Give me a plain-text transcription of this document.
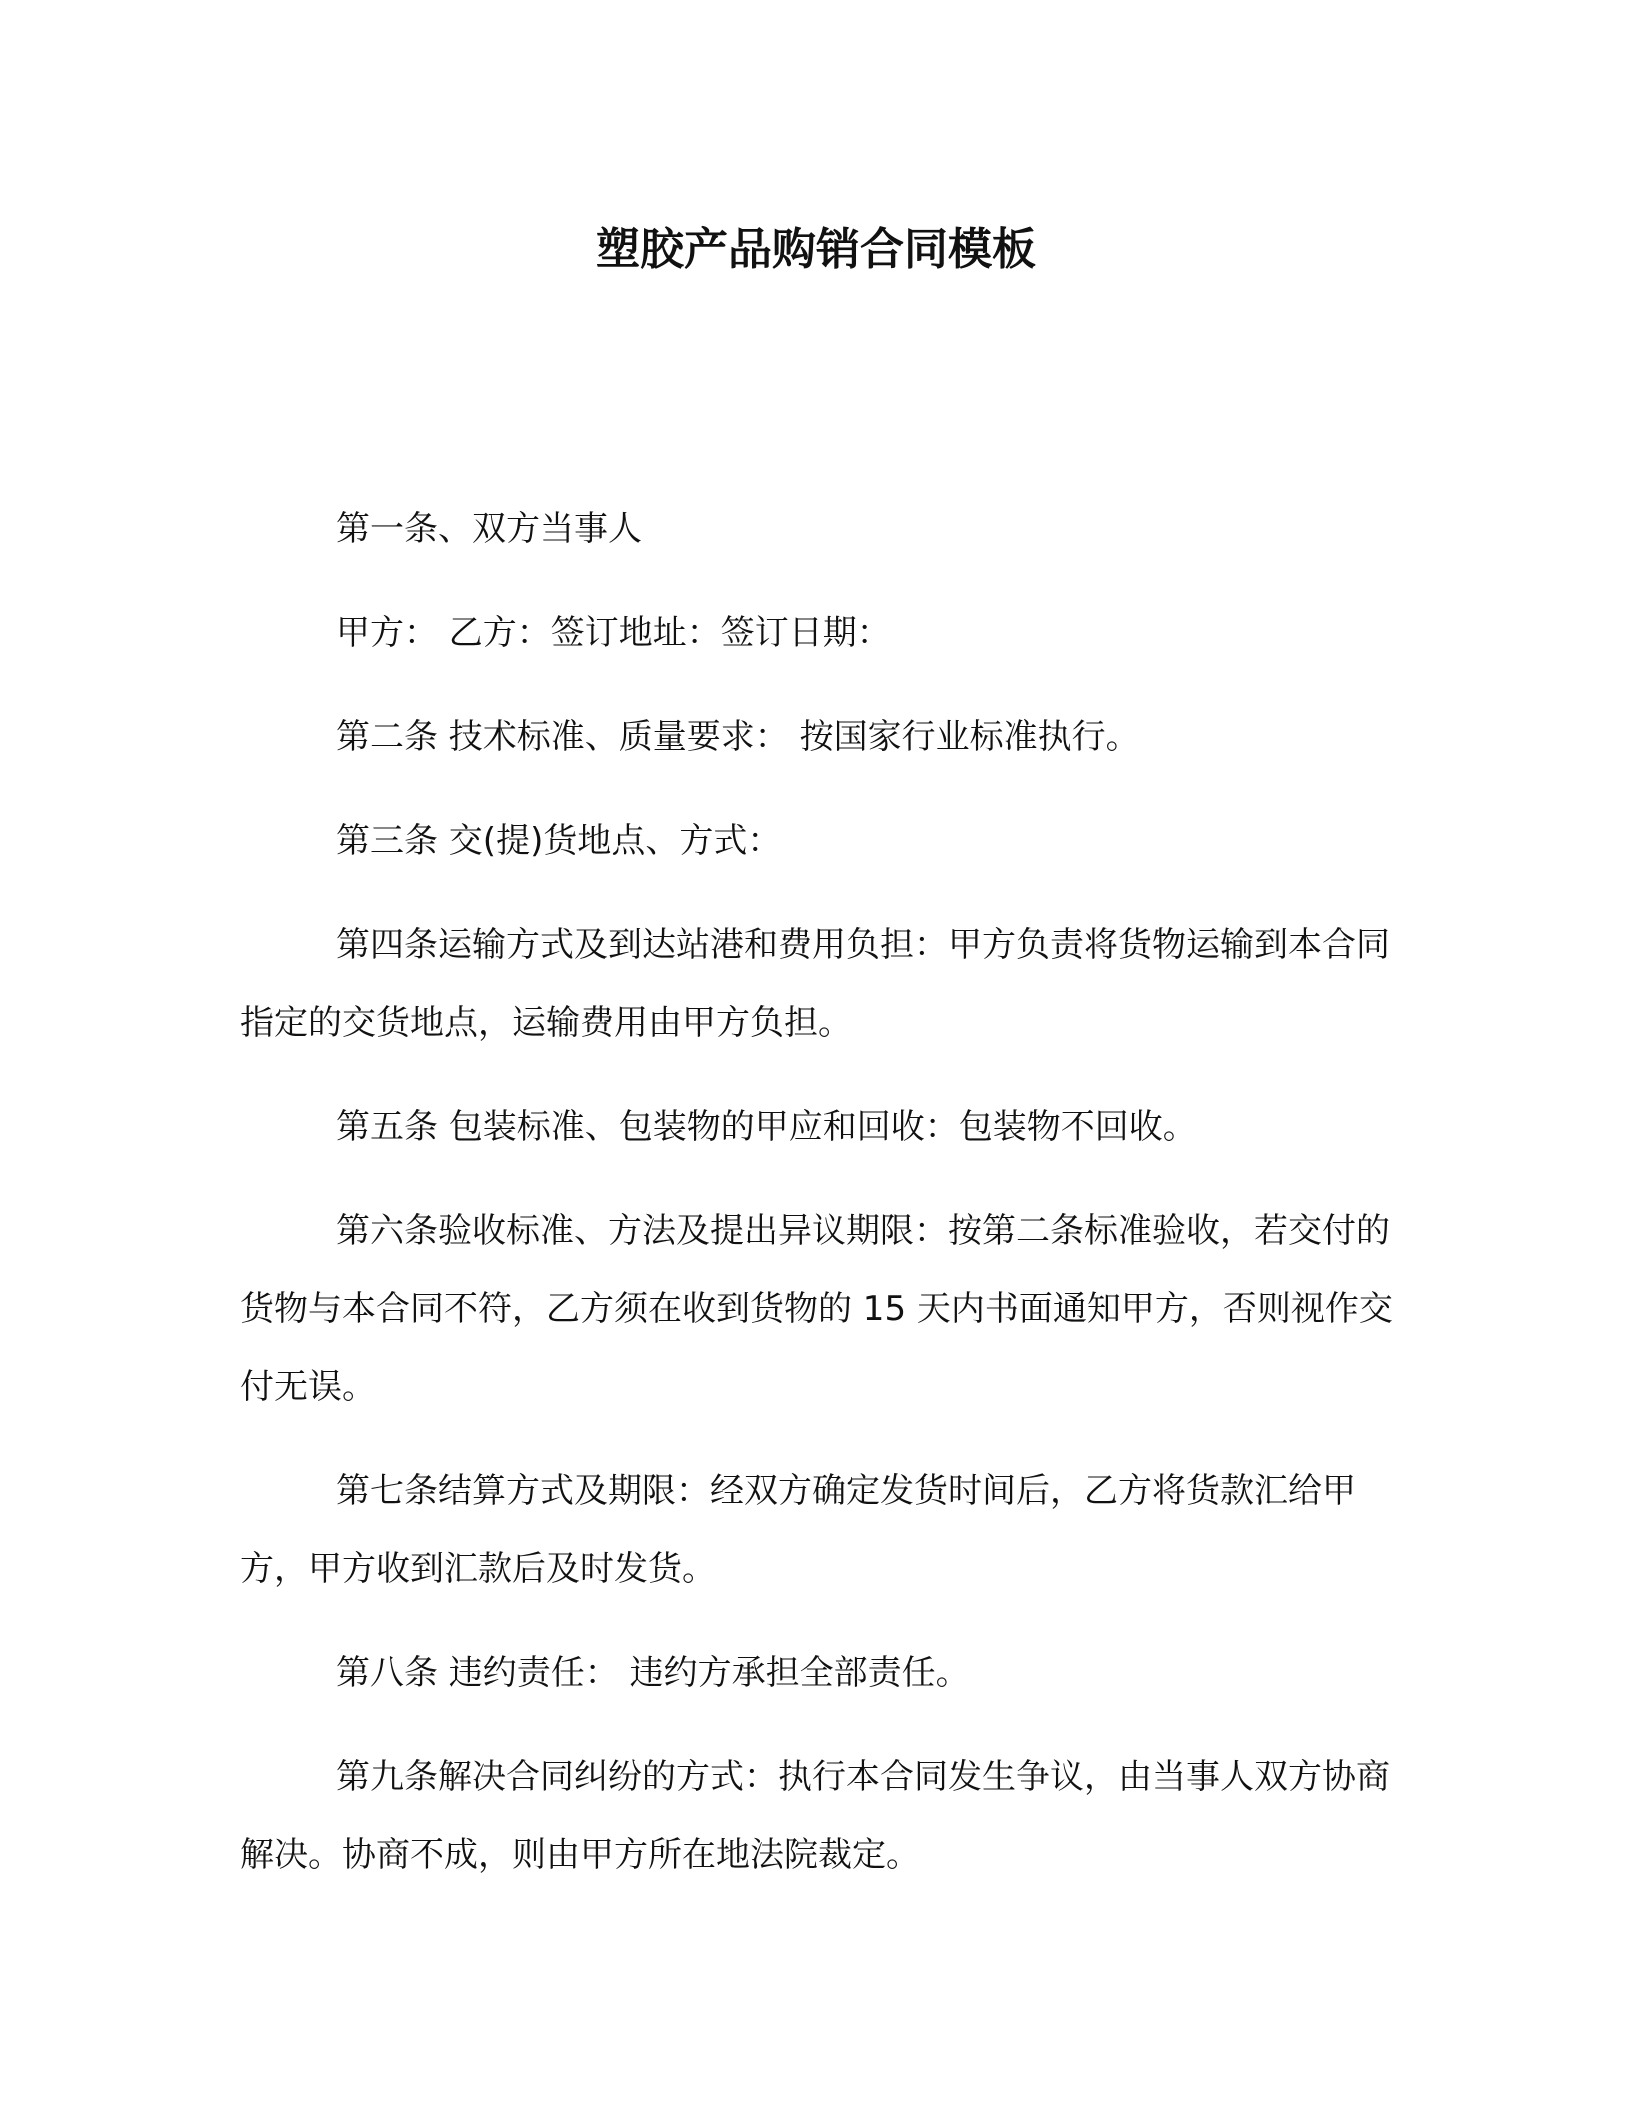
塑胶产品购销合同模板

第一条、双方当事人

甲方： 乙方：签订地址：签订日期：

第二条 技术标准、质量要求： 按国家行业标准执行。

第三条 交(提)货地点、方式：

第四条运输方式及到达站港和费用负担：甲方负责将货物运输到本合同指定的交货地点，运输费用由甲方负担。

第五条 包装标准、包装物的甲应和回收：包装物不回收。

第六条验收标准、方法及提出异议期限：按第二条标准验收，若交付的货物与本合同不符，乙方须在收到货物的 15 天内书面通知甲方，否则视作交付无误。

第七条结算方式及期限：经双方确定发货时间后，乙方将货款汇给甲方，甲方收到汇款后及时发货。

第八条 违约责任： 违约方承担全部责任。

第九条解决合同纠纷的方式：执行本合同发生争议，由当事人双方协商解决。协商不成，则由甲方所在地法院裁定。
